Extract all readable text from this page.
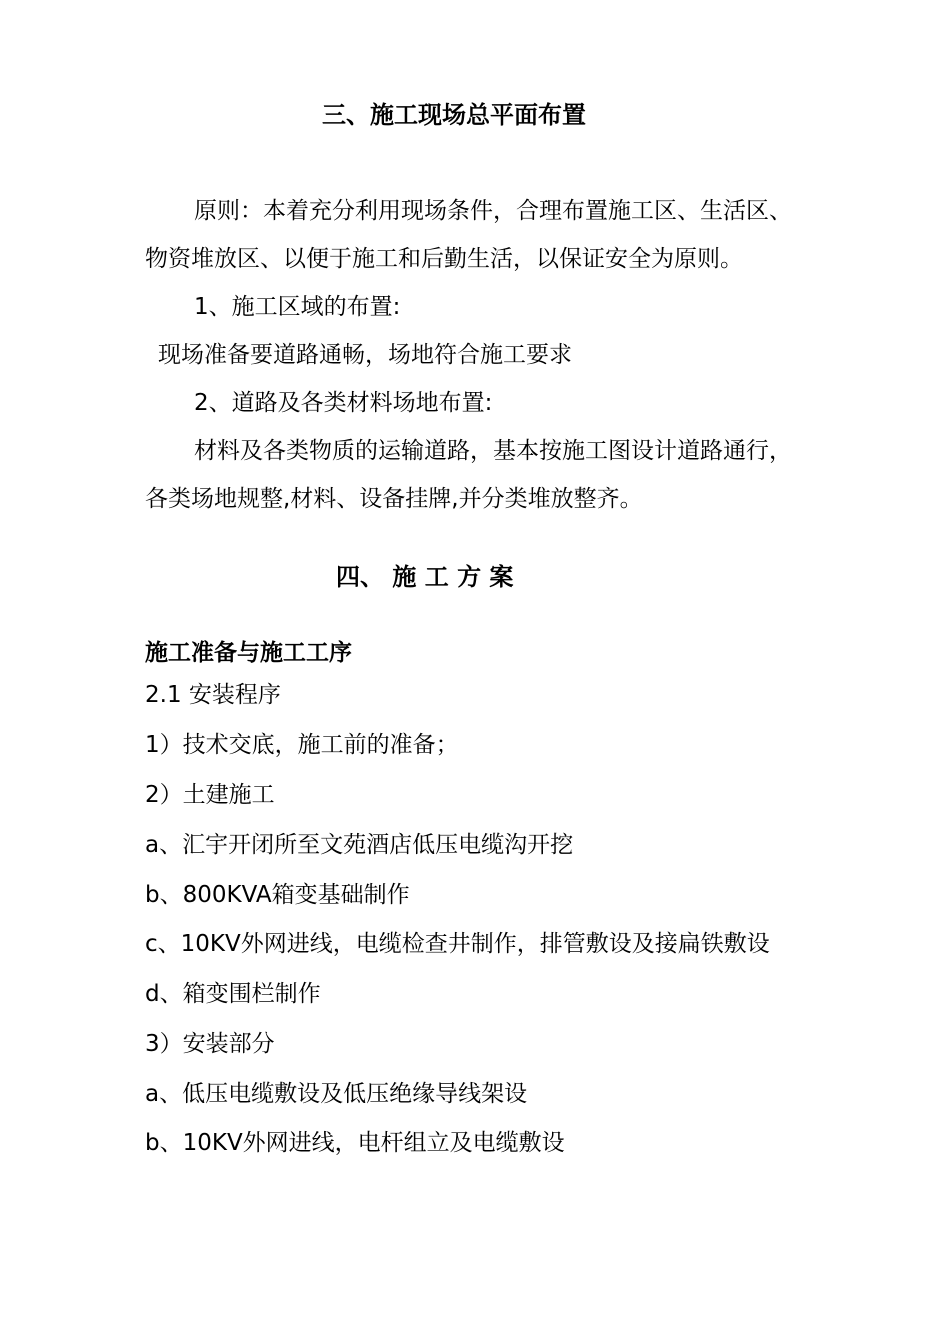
三、施工现场总平面布置
原则：本着充分利用现场条件，合理布置施工区、生活区、
物资堆放区、以便于施工和后勤生活，以保证安全为原则。
1、施工区域的布置:
现场准备要道路通畅，场地符合施工要求
2、道路及各类材料场地布置:
材料及各类物质的运输道路，基本按施工图设计道路通行，
各类场地规整,材料、设备挂牌,并分类堆放整齐。
四、 施 工 方 案
施工准备与施工工序
2.1 安装程序
1）技术交底，施工前的准备；
2）土建施工
a、汇宇开闭所至文苑酒店低压电缆沟开挖
b、800KVA箱变基础制作
c、10KV外网进线，电缆检查井制作，排管敷设及接扁铁敷设
d、箱变围栏制作
3）安装部分
a、低压电缆敷设及低压绝缘导线架设
b、10KV外网进线，电杆组立及电缆敷设
